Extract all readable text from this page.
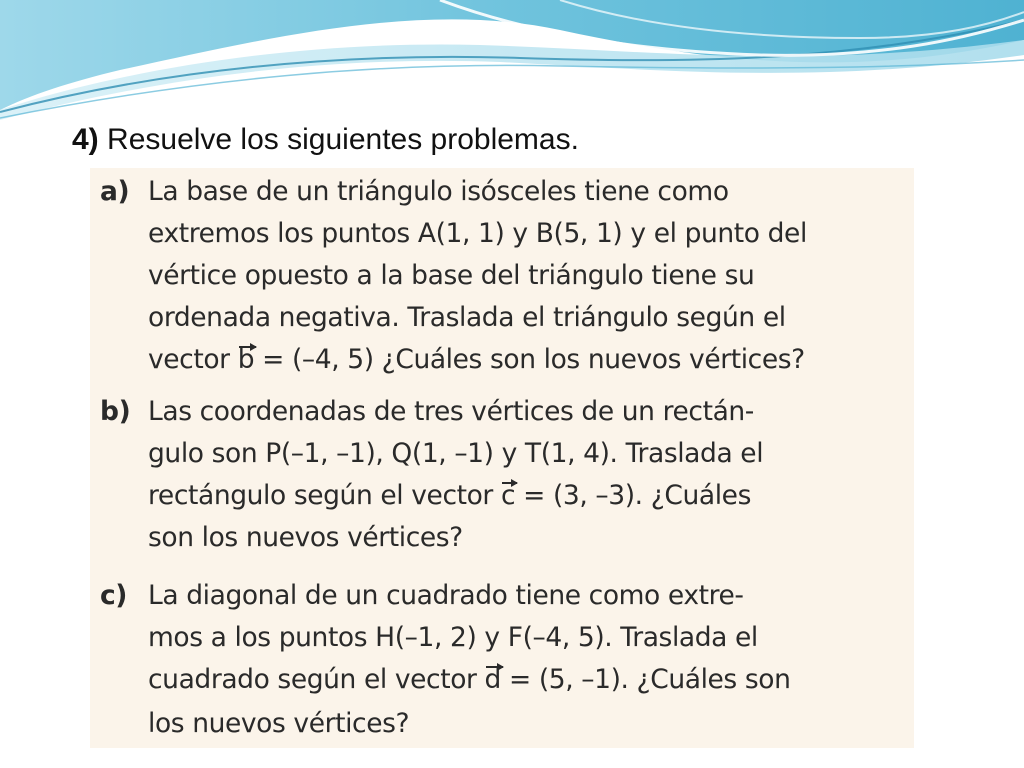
4) Resuelve los siguientes problemas.
a) La base de un triángulo isósceles tiene como
extremos los puntos A(1, 1) y B(5, 1) y el punto del
vértice opuesto a la base del triángulo tiene su
ordenada negativa. Traslada el triángulo según el
vector b = (–4, 5) ¿Cuáles son los nuevos vértices?
b) Las coordenadas de tres vértices de un rectán-
gulo son P(–1, –1), Q(1, –1) y T(1, 4). Traslada el
rectángulo según el vector c = (3, –3). ¿Cuáles
son los nuevos vértices?
c) La diagonal de un cuadrado tiene como extre-
mos a los puntos H(–1, 2) y F(–4, 5). Traslada el
cuadrado según el vector d = (5, –1). ¿Cuáles son
los nuevos vértices?
